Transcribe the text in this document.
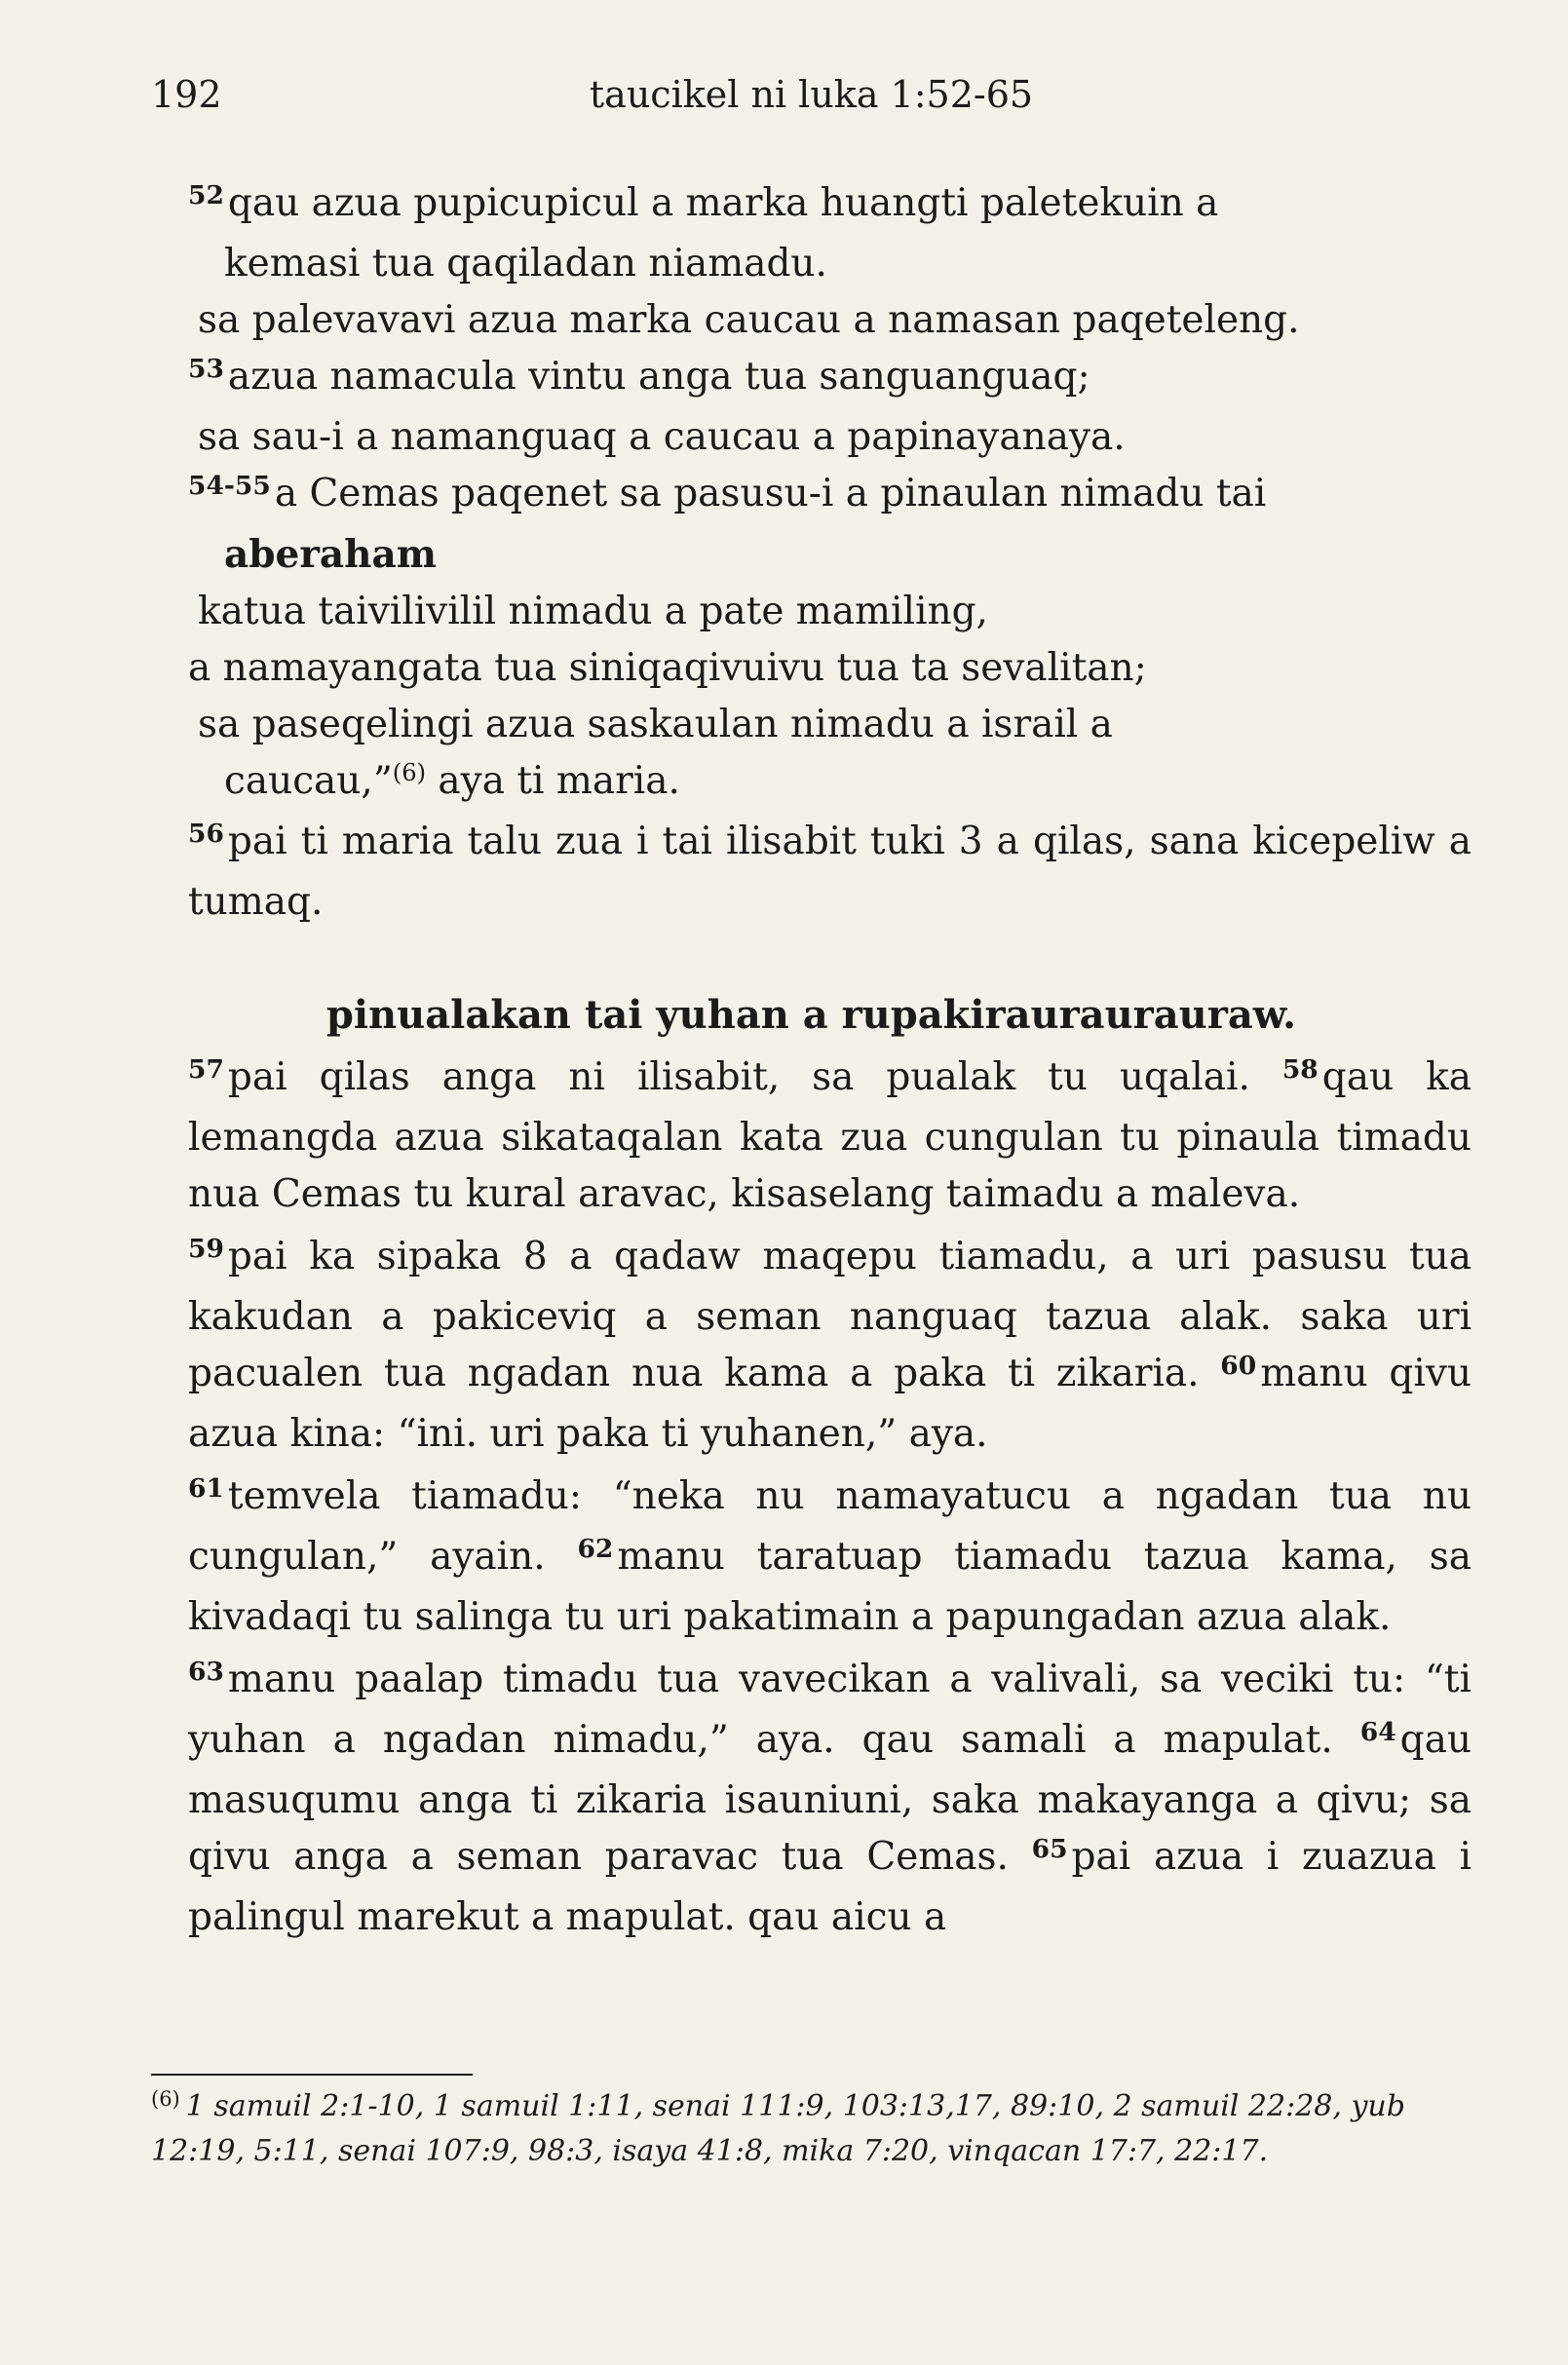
192	taucikel ni luka 1:52-65
$^{52}$ qau azua pupicupicul a marka huangti paletekuin a
kemasi tua qaqiladan niamadu.
sa palevavavi azua marka caucau a namasan paqeteleng.
$^{53}$ azua namacula vintu anga tua sanguanguaq;
sa sau-i a namanguaq a caucau a papinayanaya.
$^{54-55}$ a Cemas paqenet sa pasusu-i a pinaulan nimadu tai
aberaham
katua taivilivilil nimadu a pate mamiling,
a namayangata tua siniqaqivuivu tua ta sevalitan;
sa paseqelingi azua saskaulan nimadu a israil a
caucau,”$^{(6)}$ aya ti maria.

$^{56}$ pai ti maria talu zua i tai ilisabit tuki 3 a qilas, sana kicepeliw a tumaq.

pinualakan tai yuhan a rupakirauraurauraw.

$^{57}$ pai qilas anga ni ilisabit, sa pualak tu uqalai. $^{58}$ qau ka lemangda azua sikataqalan kata zua cungulan tu pinaula timadu nua Cemas tu kural aravac, kisaselang taimadu a maleva.

$^{59}$ pai ka sipaka 8 a qadaw maqepu tiamadu, a uri pasusu tua kakudan a pakiceviq a seman nanguaq tazua alak. saka uri pacualen tua ngadan nua kama a paka ti zikaria. $^{60}$ manu qivu azua kina: “ini. uri paka ti yuhanen,” aya.

$^{61}$ temvela tiamadu: “neka nu namayatucu a ngadan tua nu cungulan,” ayain. $^{62}$ manu taratuap tiamadu tazua kama, sa kivadaqi tu salinga tu uri pakatimain a papungadan azua alak.

$^{63}$ manu paalap timadu tua vavecikan a valivali, sa veciki tu: “ti yuhan a ngadan nimadu,” aya. qau samali a mapulat. $^{64}$ qau masuqumu anga ti zikaria isauniuni, saka makayanga a qivu; sa qivu anga a seman paravac tua Cemas. $^{65}$ pai azua i zuazua i palingul marekut a mapulat. qau aicu a

$^{(6)}$ 1 samuil 2:1-10, 1 samuil 1:11, senai 111:9, 103:13,17, 89:10, 2 samuil 22:28, yub 12:19, 5:11, senai 107:9, 98:3, isaya 41:8, mika 7:20, vinqacan 17:7, 22:17.
